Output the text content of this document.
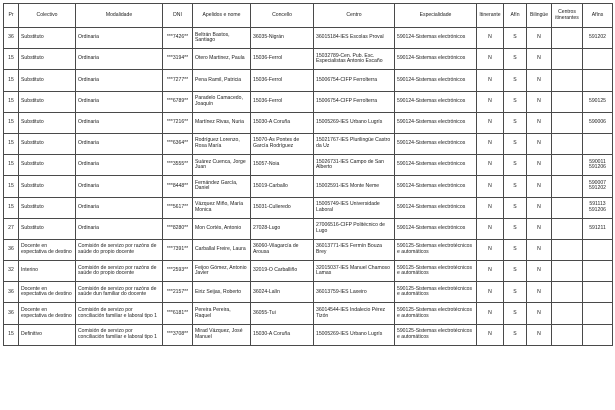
Pr	Colectivo	Modalidade	DNI	Apelidos e nome	Concello	Centro	Especialidade	Itinerante	Afín	Bilingüe	Centros itinerantes	Afíns
36	Substituto	Ordinaria	***7426**	Beltrán Bastos, Santiago	36035-Nigrán	36015184-IES Escolas Proval	590124-Sistemas electrónicos	N	S	N		591202
15	Substituto	Ordinaria	***3194**	Otero Martinez, Paula	15036-Ferrol	15032789-Cen. Pub. Esc. Especialistas Antonio Escaño	590124-Sistemas electrónicos	N	S	N		
15	Substituto	Ordinaria	***7277**	Pena Ramil, Patricia	15036-Ferrol	15006754-CIFP Ferrolterra	590124-Sistemas electrónicos	N	S	N		
15	Substituto	Ordinaria	***6789**	Paradelo Camacedo, Joaquín	15036-Ferrol	15006754-CIFP Ferrolterra	590124-Sistemas electrónicos	N	S	N		590125
15	Substituto	Ordinaria	***7216**	Martínez Rivas, Nuria	15030-A Coruña	15005269-IES Urbano Lugrís	590124-Sistemas electrónicos	N	S	N		590006
15	Substituto	Ordinaria	***6364**	Rodríguez Lorenzo, Rosa María	15070-As Pontes de García Rodríguez	15021767-IES Plurilingüe Castro da Uz	590124-Sistemas electrónicos	N	S	N		
15	Substituto	Ordinaria	***3555**	Suárez Cuenca, Jorge Juan	15057-Noia	15026731-IES Campo de San Alberto	590124-Sistemas electrónicos	N	S	N		590011 591206
15	Substituto	Ordinaria	***8448**	Fernández García, Daniel	15019-Carballo	15002591-IES Monte Neme	590124-Sistemas electrónicos	N	S	N		590007 591202
15	Substituto	Ordinaria	***5617**	Vázquez Miño, María Monica	15031-Culleredo	15005749-IES Universidade Laboral	590124-Sistemas electrónicos	N	S	N		591113 591206
27	Substituto	Ordinaria	***8280**	Mon Cortés, Antonio	27028-Lugo	27006516-CIFP Politécnico de Lugo	590124-Sistemas electrónicos	N	S	N		591211
36	Docente en expectativa de destino	Comisión de servizo por razóns de saúde do propio docente	***7391**	Carballal Freire, Laura	36060-Vilagarcía de Arousa	36013771-IES Fermín Bouza Brey	590125-Sistemas electrotécnicos e automáticos	N	S	N		
32	Interino	Comisión de servizo por razóns de saúde do propio docente	***2593**	Feijoo Gómez, Antonio Javier	32019-O Carballiño	32015037-IES Manuel Chamoso Lamas	590125-Sistemas electrotécnicos e automáticos	N	S	N		
36	Docente en expectativa de destino	Comisión de servizo por razóns de saúde dun familiar do docente	***2157**	Eiriz Seijas, Roberto	36024-Lalín	36013759-IES Laxeiro	590125-Sistemas electrotécnicos e automáticos	N	S	N		
36	Docente en expectativa de destino	Comisión de servizo por conciliación familiar e laboral tipo 1	***6181**	Pereira Pereira, Raquel	36055-Tui	36014544-IES Indalecio Pérez Tizón	590125-Sistemas electrotécnicos e automáticos	N	S	N		
15	Definitivo	Comisión de servizo por conciliación familiar e laboral tipo 1	***3708**	Mirad Vázquez, José Manuel	15030-A Coruña	15005269-IES Urbano Lugrís	590125-Sistemas electrotécnicos e automáticos	N	S	N		
